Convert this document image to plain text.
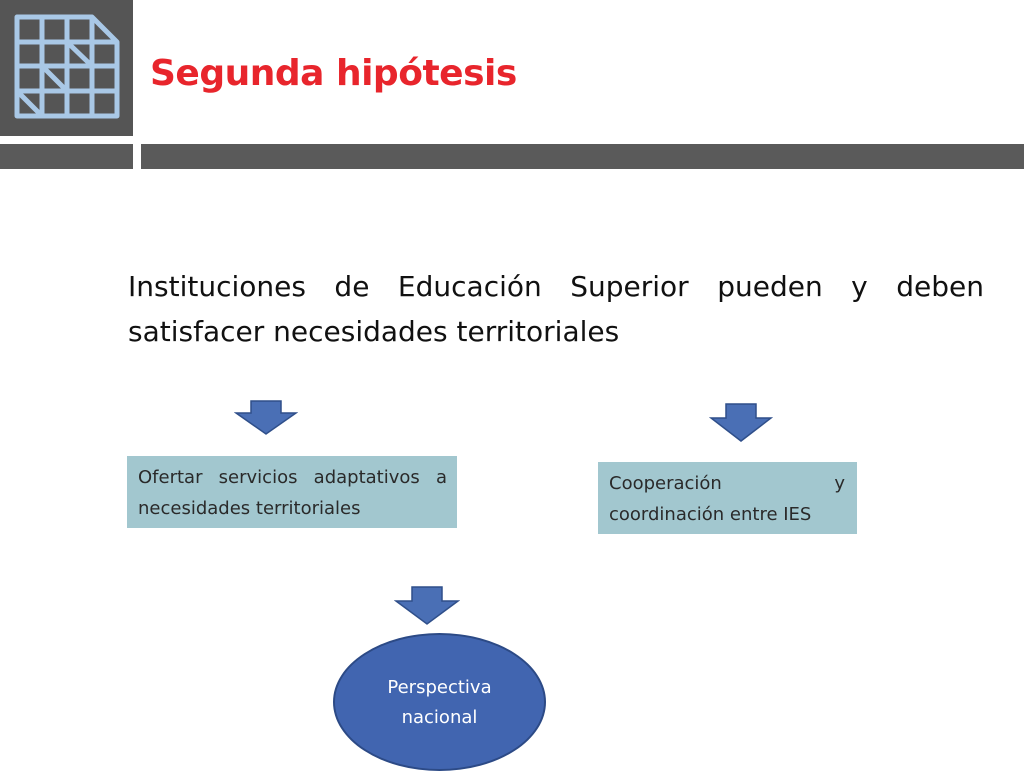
Segunda hipótesis
Instituciones de Educación Superior pueden y deben satisfacer necesidades territoriales
Ofertar servicios adaptativos a necesidades territoriales
Cooperación y coordinación entre IES
Perspectiva
nacional
